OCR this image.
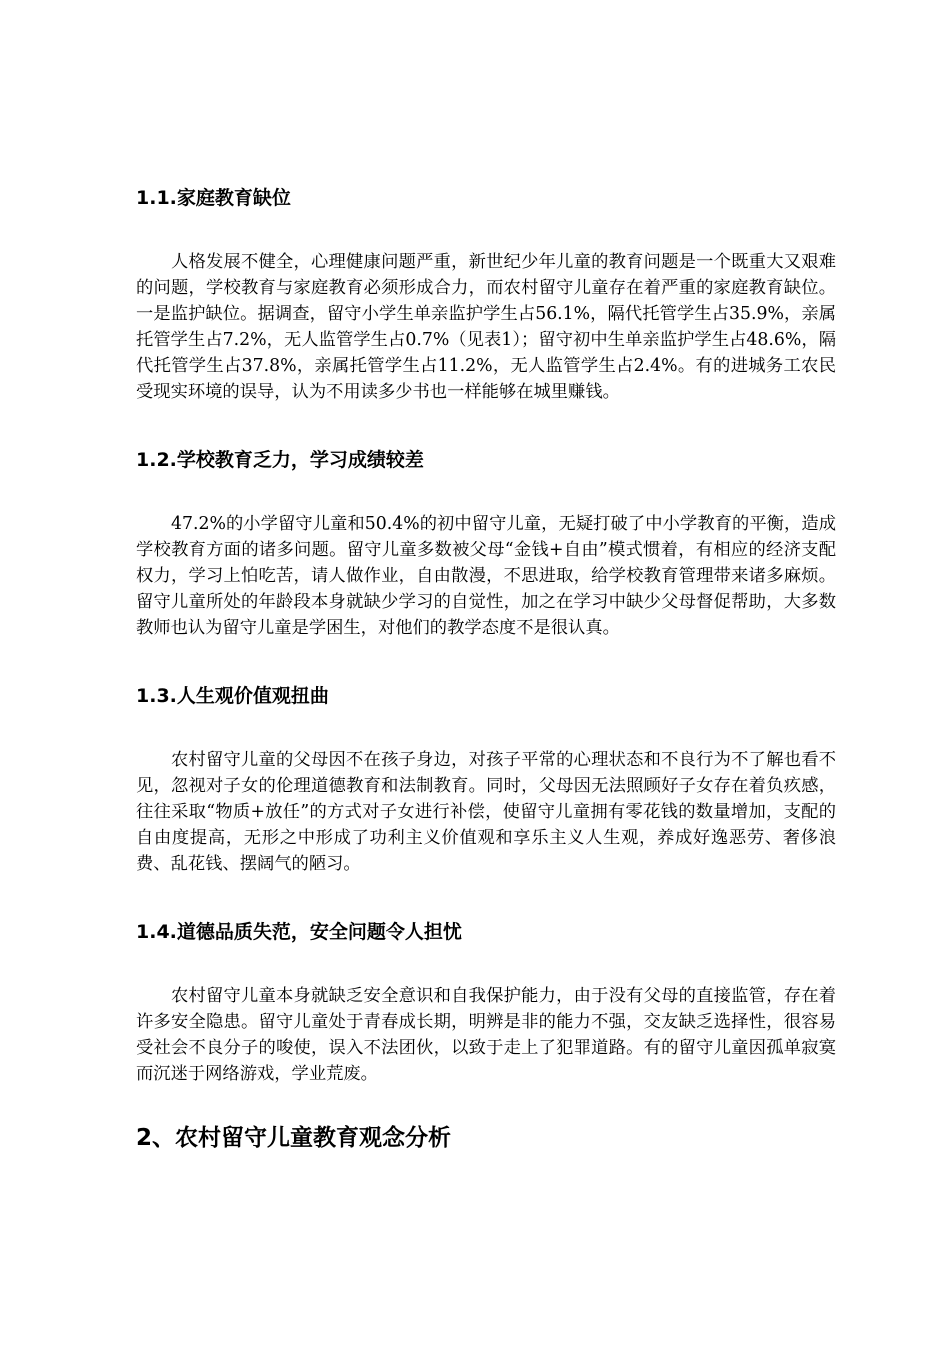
1.1.家庭教育缺位

人格发展不健全，心理健康问题严重，新世纪少年儿童的教育问题是一个既重大又艰难的问题，学校教育与家庭教育必须形成合力，而农村留守儿童存在着严重的家庭教育缺位。一是监护缺位。据调查，留守小学生单亲监护学生占56.1%，隔代托管学生占35.9%，亲属托管学生占7.2%，无人监管学生占0.7%（见表1）；留守初中生单亲监护学生占48.6%，隔代托管学生占37.8%，亲属托管学生占11.2%，无人监管学生占2.4%。有的进城务工农民受现实环境的误导，认为不用读多少书也一样能够在城里赚钱。

1.2.学校教育乏力，学习成绩较差

47.2%的小学留守儿童和50.4%的初中留守儿童，无疑打破了中小学教育的平衡，造成学校教育方面的诸多问题。留守儿童多数被父母“金钱+自由”模式惯着，有相应的经济支配权力，学习上怕吃苦，请人做作业，自由散漫，不思进取，给学校教育管理带来诸多麻烦。留守儿童所处的年龄段本身就缺少学习的自觉性，加之在学习中缺少父母督促帮助，大多数教师也认为留守儿童是学困生，对他们的教学态度不是很认真。

1.3.人生观价值观扭曲

农村留守儿童的父母因不在孩子身边，对孩子平常的心理状态和不良行为不了解也看不见，忽视对子女的伦理道德教育和法制教育。同时，父母因无法照顾好子女存在着负疚感，往往采取“物质+放任”的方式对子女进行补偿，使留守儿童拥有零花钱的数量增加，支配的自由度提高，无形之中形成了功利主义价值观和享乐主义人生观，养成好逸恶劳、奢侈浪费、乱花钱、摆阔气的陋习。

1.4.道德品质失范，安全问题令人担忧

农村留守儿童本身就缺乏安全意识和自我保护能力，由于没有父母的直接监管，存在着许多安全隐患。留守儿童处于青春成长期，明辨是非的能力不强，交友缺乏选择性，很容易受社会不良分子的唆使，误入不法团伙，以致于走上了犯罪道路。有的留守儿童因孤单寂寞而沉迷于网络游戏，学业荒废。

2、农村留守儿童教育观念分析
